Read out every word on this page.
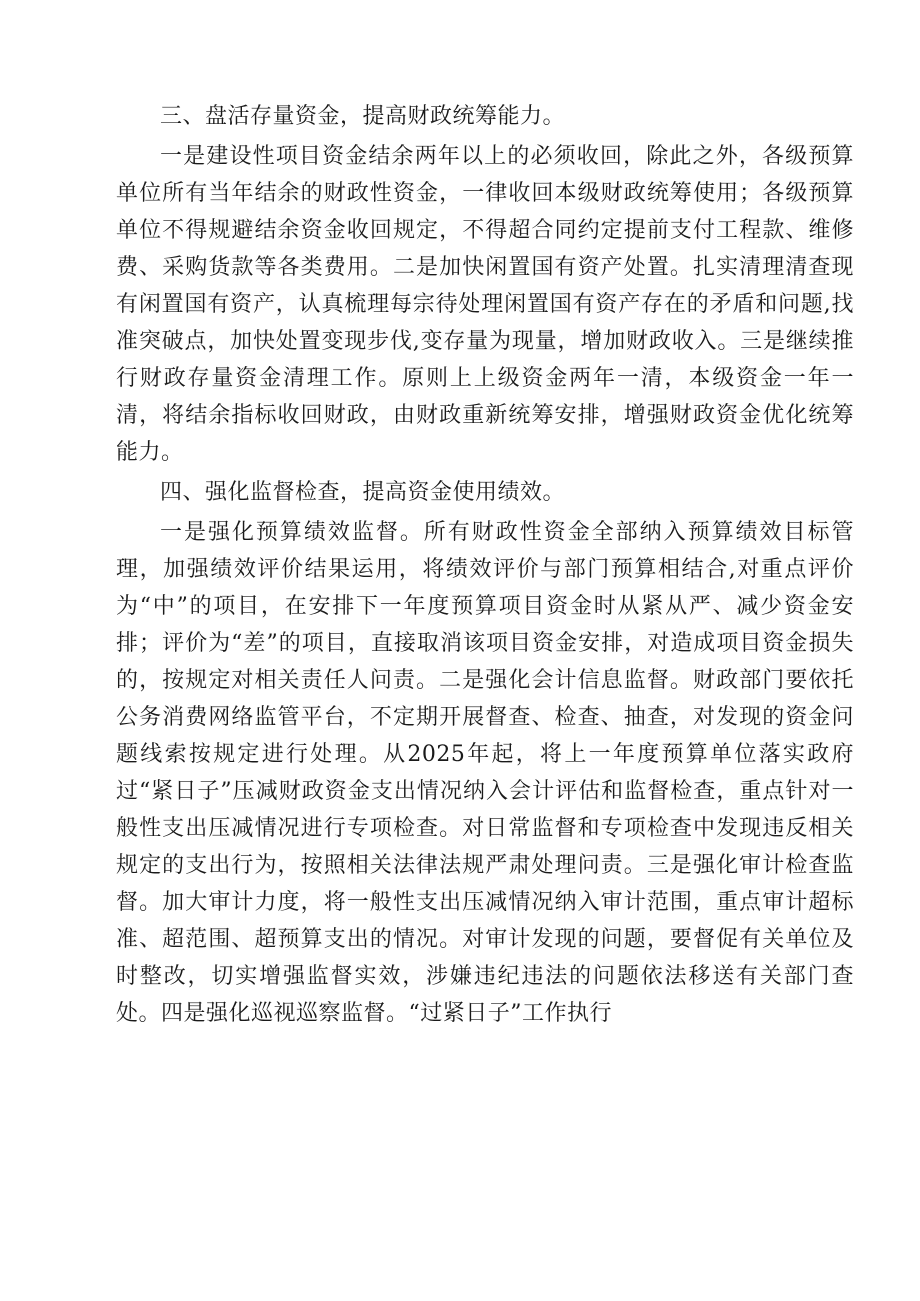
三、盘活存量资金，提高财政统筹能力。

一是建设性项目资金结余两年以上的必须收回，除此之外，各级预算单位所有当年结余的财政性资金，一律收回本级财政统筹使用；各级预算单位不得规避结余资金收回规定，不得超合同约定提前支付工程款、维修费、采购货款等各类费用。二是加快闲置国有资产处置。扎实清理清查现有闲置国有资产，认真梳理每宗待处理闲置国有资产存在的矛盾和问题,找准突破点，加快处置变现步伐,变存量为现量，增加财政收入。三是继续推行财政存量资金清理工作。原则上上级资金两年一清，本级资金一年一清，将结余指标收回财政，由财政重新统筹安排，增强财政资金优化统筹能力。

四、强化监督检查，提高资金使用绩效。

一是强化预算绩效监督。所有财政性资金全部纳入预算绩效目标管理，加强绩效评价结果运用，将绩效评价与部门预算相结合,对重点评价为“中”的项目，在安排下一年度预算项目资金时从紧从严、减少资金安排；评价为“差”的项目，直接取消该项目资金安排，对造成项目资金损失的，按规定对相关责任人问责。二是强化会计信息监督。财政部门要依托公务消费网络监管平台，不定期开展督查、检查、抽查，对发现的资金问题线索按规定进行处理。从2025年起，将上一年度预算单位落实政府过“紧日子”压减财政资金支出情况纳入会计评估和监督检查，重点针对一般性支出压减情况进行专项检查。对日常监督和专项检查中发现违反相关规定的支出行为，按照相关法律法规严肃处理问责。三是强化审计检查监督。加大审计力度，将一般性支出压减情况纳入审计范围，重点审计超标准、超范围、超预算支出的情况。对审计发现的问题，要督促有关单位及时整改，切实增强监督实效，涉嫌违纪违法的问题依法移送有关部门查处。四是强化巡视巡察监督。“过紧日子”工作执行
